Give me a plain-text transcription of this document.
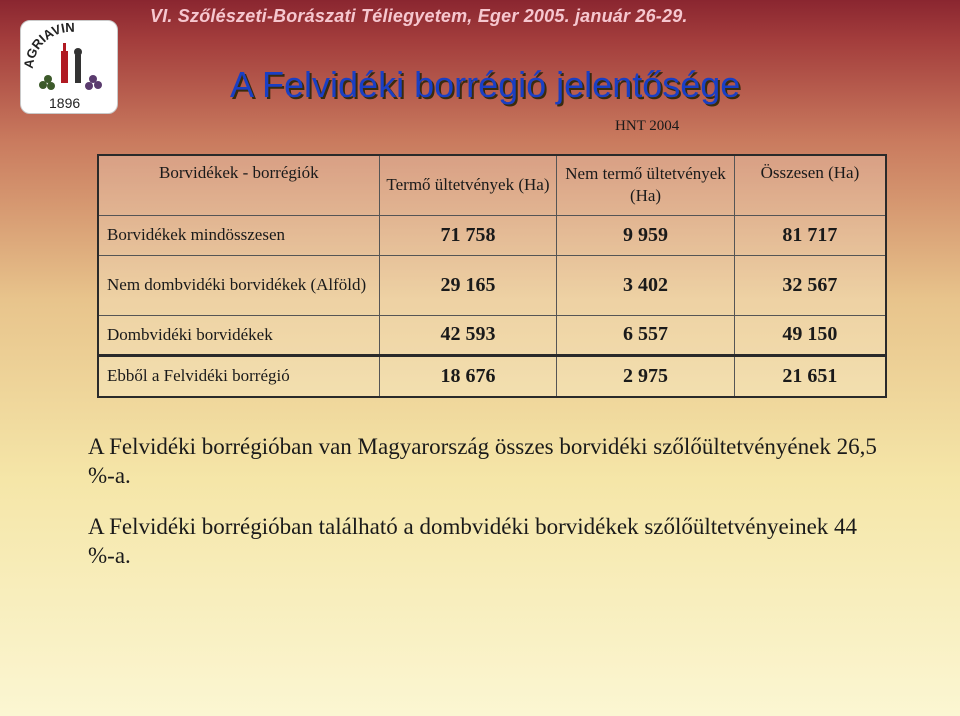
VI. Szőlészeti-Borászati Téliegyetem, Eger 2005. január 26-29.
AGRIAVIN
1896	A Felvidéki borrégió jelentősége
HNT 2004
Borvidékek - borrégiók	Termő ültetvények (Ha)	Nem termő ültetvények (Ha)	Összesen (Ha)
Borvidékek mindösszesen	71 758	9 959	81 717
Nem dombvidéki borvidékek (Alföld)	29 165	3 402	32 567
Dombvidéki borvidékek	42 593	6 557	49 150
Ebből a Felvidéki borrégió	18 676	2 975	21 651

A Felvidéki borrégióban van Magyarország összes borvidéki szőlőültetvényének 26,5 %-a.

A Felvidéki borrégióban található a dombvidéki borvidékek szőlőültetvényeinek 44 %-a.
